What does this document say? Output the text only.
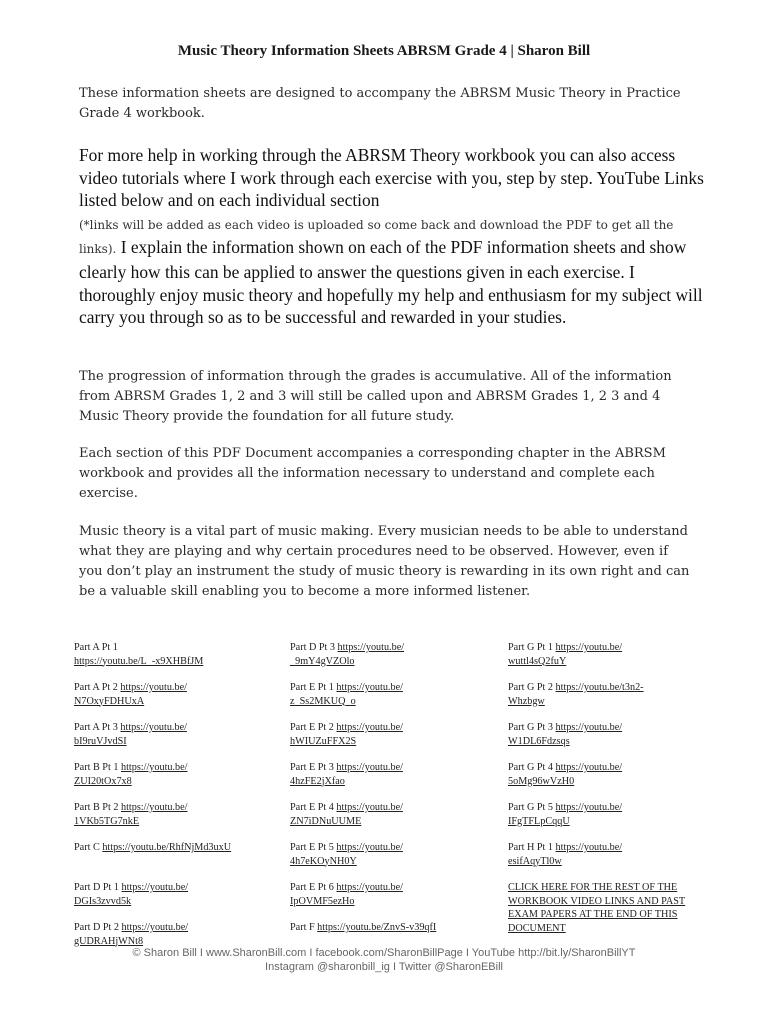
Music Theory Information Sheets ABRSM Grade 4 | Sharon Bill

These information sheets are designed to accompany the ABRSM Music Theory in Practice Grade 4 workbook.

For more help in working through the ABRSM Theory workbook you can also access video tutorials where I work through each exercise with you, step by step. YouTube Links listed below and on each individual section
(*links will be added as each video is uploaded so come back and download the PDF to get all the links). I explain the information shown on each of the PDF information sheets and show clearly how this can be applied to answer the questions given in each exercise. I thoroughly enjoy music theory and hopefully my help and enthusiasm for my subject will carry you through so as to be successful and rewarded in your studies.

The progression of information through the grades is accumulative. All of the information from ABRSM Grades 1, 2 and 3 will still be called upon and ABRSM Grades 1, 2 3 and 4 Music Theory provide the foundation for all future study.

Each section of this PDF Document accompanies a corresponding chapter in the ABRSM workbook and provides all the information necessary to understand and complete each exercise.

Music theory is a vital part of music making. Every musician needs to be able to understand what they are playing and why certain procedures need to be observed. However, even if you don’t play an instrument the study of music theory is rewarding in its own right and can be a valuable skill enabling you to become a more informed listener.

Part A Pt 1
https://youtu.be/L_-x9XHBfJM
Part A Pt 2 https://youtu.be/
N7OxyFDHUxA
Part A Pt 3 https://youtu.be/
bI9ruVJvdSI
Part B Pt 1 https://youtu.be/
ZUI20tOx7x8
Part B Pt 2 https://youtu.be/
1VKb5TG7nkE
Part C https://youtu.be/RhfNjMd3uxU
Part D Pt 1 https://youtu.be/
DGIs3zvvd5k
Part D Pt 2 https://youtu.be/
gUDRAHjWNt8
Part D Pt 3 https://youtu.be/
_9mY4gVZOlo
Part E Pt 1 https://youtu.be/
z_Ss2MKUQ_o
Part E Pt 2 https://youtu.be/
hWIUZuFFX2S
Part E Pt 3 https://youtu.be/
4hzFE2jXfao
Part E Pt 4 https://youtu.be/
ZN7iDNuUUME
Part E Pt 5 https://youtu.be/
4h7eKOyNH0Y
Part E Pt 6 https://youtu.be/
IpOVMF5ezHo
Part F https://youtu.be/ZnvS-v39qfI
CLICK HERE FOR THE REST OF THE WORKBOOK VIDEO LINKS AND PAST EXAM PAPERS AT THE END OF THIS DOCUMENT
Part G Pt 1 https://youtu.be/
wuttl4sQ2fuY
Part G Pt 2 https://youtu.be/t3n2-
Whzbgw
Part G Pt 3 https://youtu.be/
W1DL6Fdzsqs
Part G Pt 4 https://youtu.be/
5oMg96wVzH0
Part G Pt 5 https://youtu.be/
IFgTFLpCqqU
Part H Pt 1 https://youtu.be/
esifAqyTl0w
© Sharon Bill I www.SharonBill.com I facebook.com/SharonBillPage I YouTube http://bit.ly/SharonBillYT
Instagram @sharonbill_ig I Twitter @SharonEBill
